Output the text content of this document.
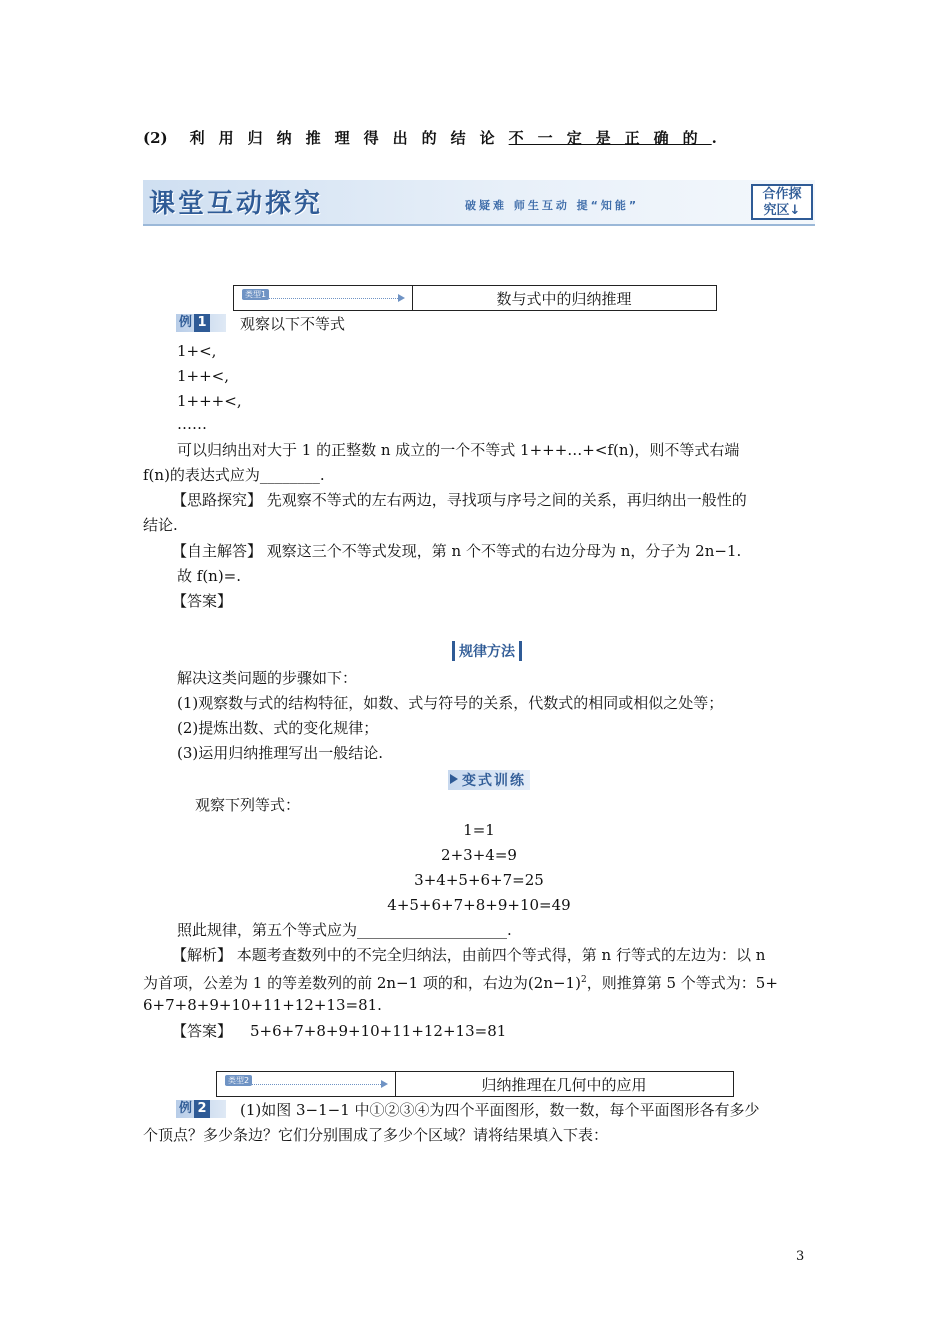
(2) 利用归纳推理得出的结论不一定是正确的.
课堂互动探究	破疑难 师生互动 提“知能”
合作探
究区↓
类型1	数与式中的归纳推理
例 1	观察以下不等式
1+<,
1++<,
1+++<,
……
可以归纳出对大于 1 的正整数 n 成立的一个不等式 1+++…+<f(n)，则不等式右端
f(n)的表达式应为________.
【思路探究】 先观察不等式的左右两边，寻找项与序号之间的关系，再归纳出一般性的
结论.
【自主解答】 观察这三个不等式发现，第 n 个不等式的右边分母为 n，分子为 2n−1.
故 f(n)=.
【答案】
规律方法
解决这类问题的步骤如下：
(1)观察数与式的结构特征，如数、式与符号的关系，代数式的相同或相似之处等；
(2)提炼出数、式的变化规律；
(3)运用归纳推理写出一般结论.
变式训练
观察下列等式：
1=1
2+3+4=9
3+4+5+6+7=25
4+5+6+7+8+9+10=49
照此规律，第五个等式应为____________________.
【解析】 本题考查数列中的不完全归纳法，由前四个等式得，第 n 行等式的左边为：以 n
为首项，公差为 1 的等差数列的前 2n−1 项的和，右边为$(2n-1)^2$，则推算第 5 个等式为：5+
6+7+8+9+10+11+12+13=81.
【答案】 5+6+7+8+9+10+11+12+13=81
类型2	归纳推理在几何中的应用
例 2	(1)如图 3−1−1 中①②③④为四个平面图形，数一数，每个平面图形各有多少
个顶点？多少条边？它们分别围成了多少个区域？请将结果填入下表：
3
